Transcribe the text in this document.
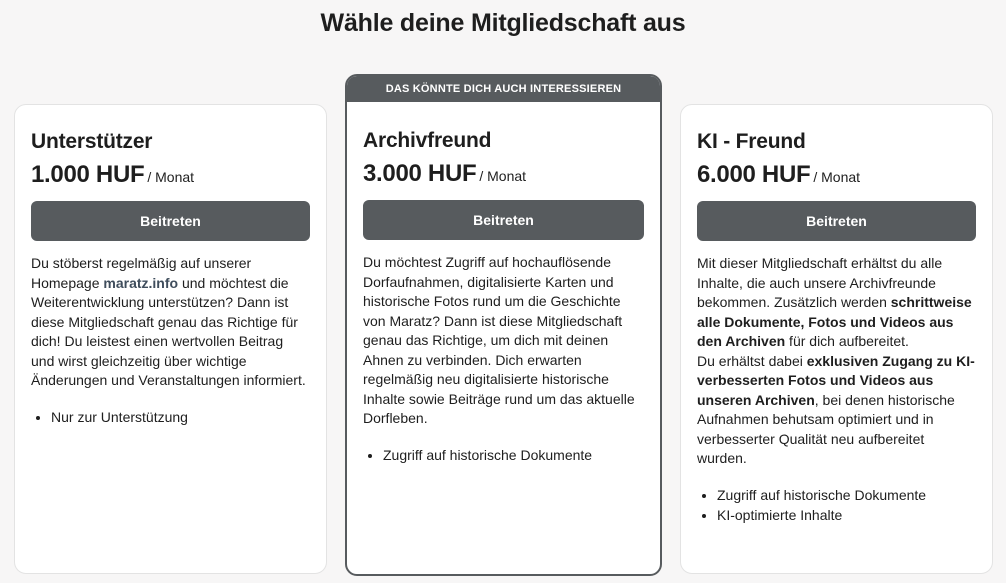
Wähle deine Mitgliedschaft aus
Unterstützer
1.000 HUF / Monat
Beitreten
Du stöberst regelmäßig auf unserer Homepage maratz.info und möchtest die Weiterentwicklung unterstützen? Dann ist diese Mitgliedschaft genau das Richtige für dich! Du leistest einen wertvollen Beitrag und wirst gleichzeitig über wichtige Änderungen und Veranstaltungen informiert.
• Nur zur Unterstützung
DAS KÖNNTE DICH AUCH INTERESSIEREN
Archivfreund
3.000 HUF / Monat
Beitreten
Du möchtest Zugriff auf hochauflösende Dorfaufnahmen, digitalisierte Karten und historische Fotos rund um die Geschichte von Maratz? Dann ist diese Mitgliedschaft genau das Richtige, um dich mit deinen Ahnen zu verbinden. Dich erwarten regelmäßig neu digitalisierte historische Inhalte sowie Beiträge rund um das aktuelle Dorfleben.
• Zugriff auf historische Dokumente
KI - Freund
6.000 HUF / Monat
Beitreten
Mit dieser Mitgliedschaft erhältst du alle Inhalte, die auch unsere Archivfreunde bekommen. Zusätzlich werden schrittweise alle Dokumente, Fotos und Videos aus den Archiven für dich aufbereitet.
Du erhältst dabei exklusiven Zugang zu KI-verbesserten Fotos und Videos aus unseren Archiven, bei denen historische Aufnahmen behutsam optimiert und in verbesserter Qualität neu aufbereitet wurden.
• Zugriff auf historische Dokumente
• KI-optimierte Inhalte
